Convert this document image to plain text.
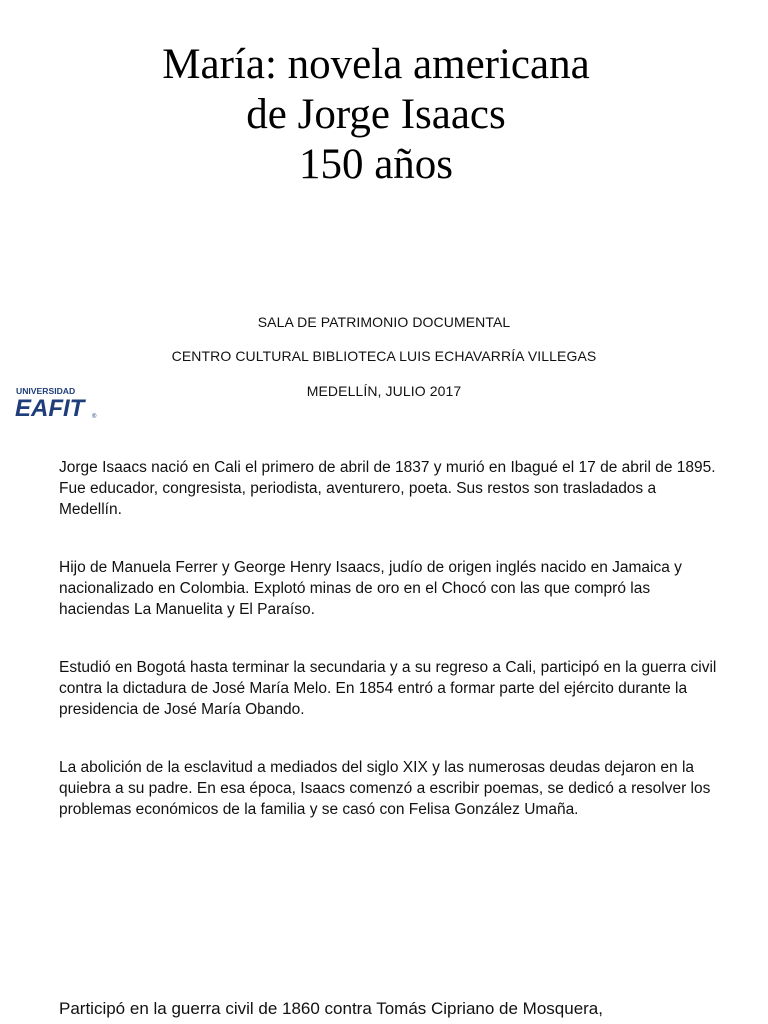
María: novela americana
de Jorge Isaacs
150 años
SALA DE PATRIMONIO DOCUMENTAL
CENTRO CULTURAL BIBLIOTECA LUIS ECHAVARRÍA VILLEGAS
MEDELLÍN, JULIO 2017
UNIVERSIDAD
EAFIT	®

Jorge Isaacs nació en Cali el primero de abril de 1837 y murió en Ibagué el 17 de abril de 1895. Fue educador, congresista, periodista, aventurero, poeta. Sus restos son trasladados a Medellín.

Hijo de Manuela Ferrer y George Henry Isaacs, judío de origen inglés nacido en Jamaica y nacionalizado en Colombia. Explotó minas de oro en el Chocó con las que compró las haciendas La Manuelita y El Paraíso.

Estudió en Bogotá hasta terminar la secundaria y a su regreso a Cali, participó en la guerra civil contra la dictadura de José María Melo. En 1854 entró a formar parte del ejército durante la presidencia de José María Obando.

La abolición de la esclavitud a mediados del siglo XIX y las numerosas deudas dejaron en la quiebra a su padre. En esa época, Isaacs comenzó a escribir poemas, se dedicó a resolver los problemas económicos de la familia y se casó con Felisa González Umaña.

Participó en la guerra civil de 1860 contra Tomás Cipriano de Mosquera,
